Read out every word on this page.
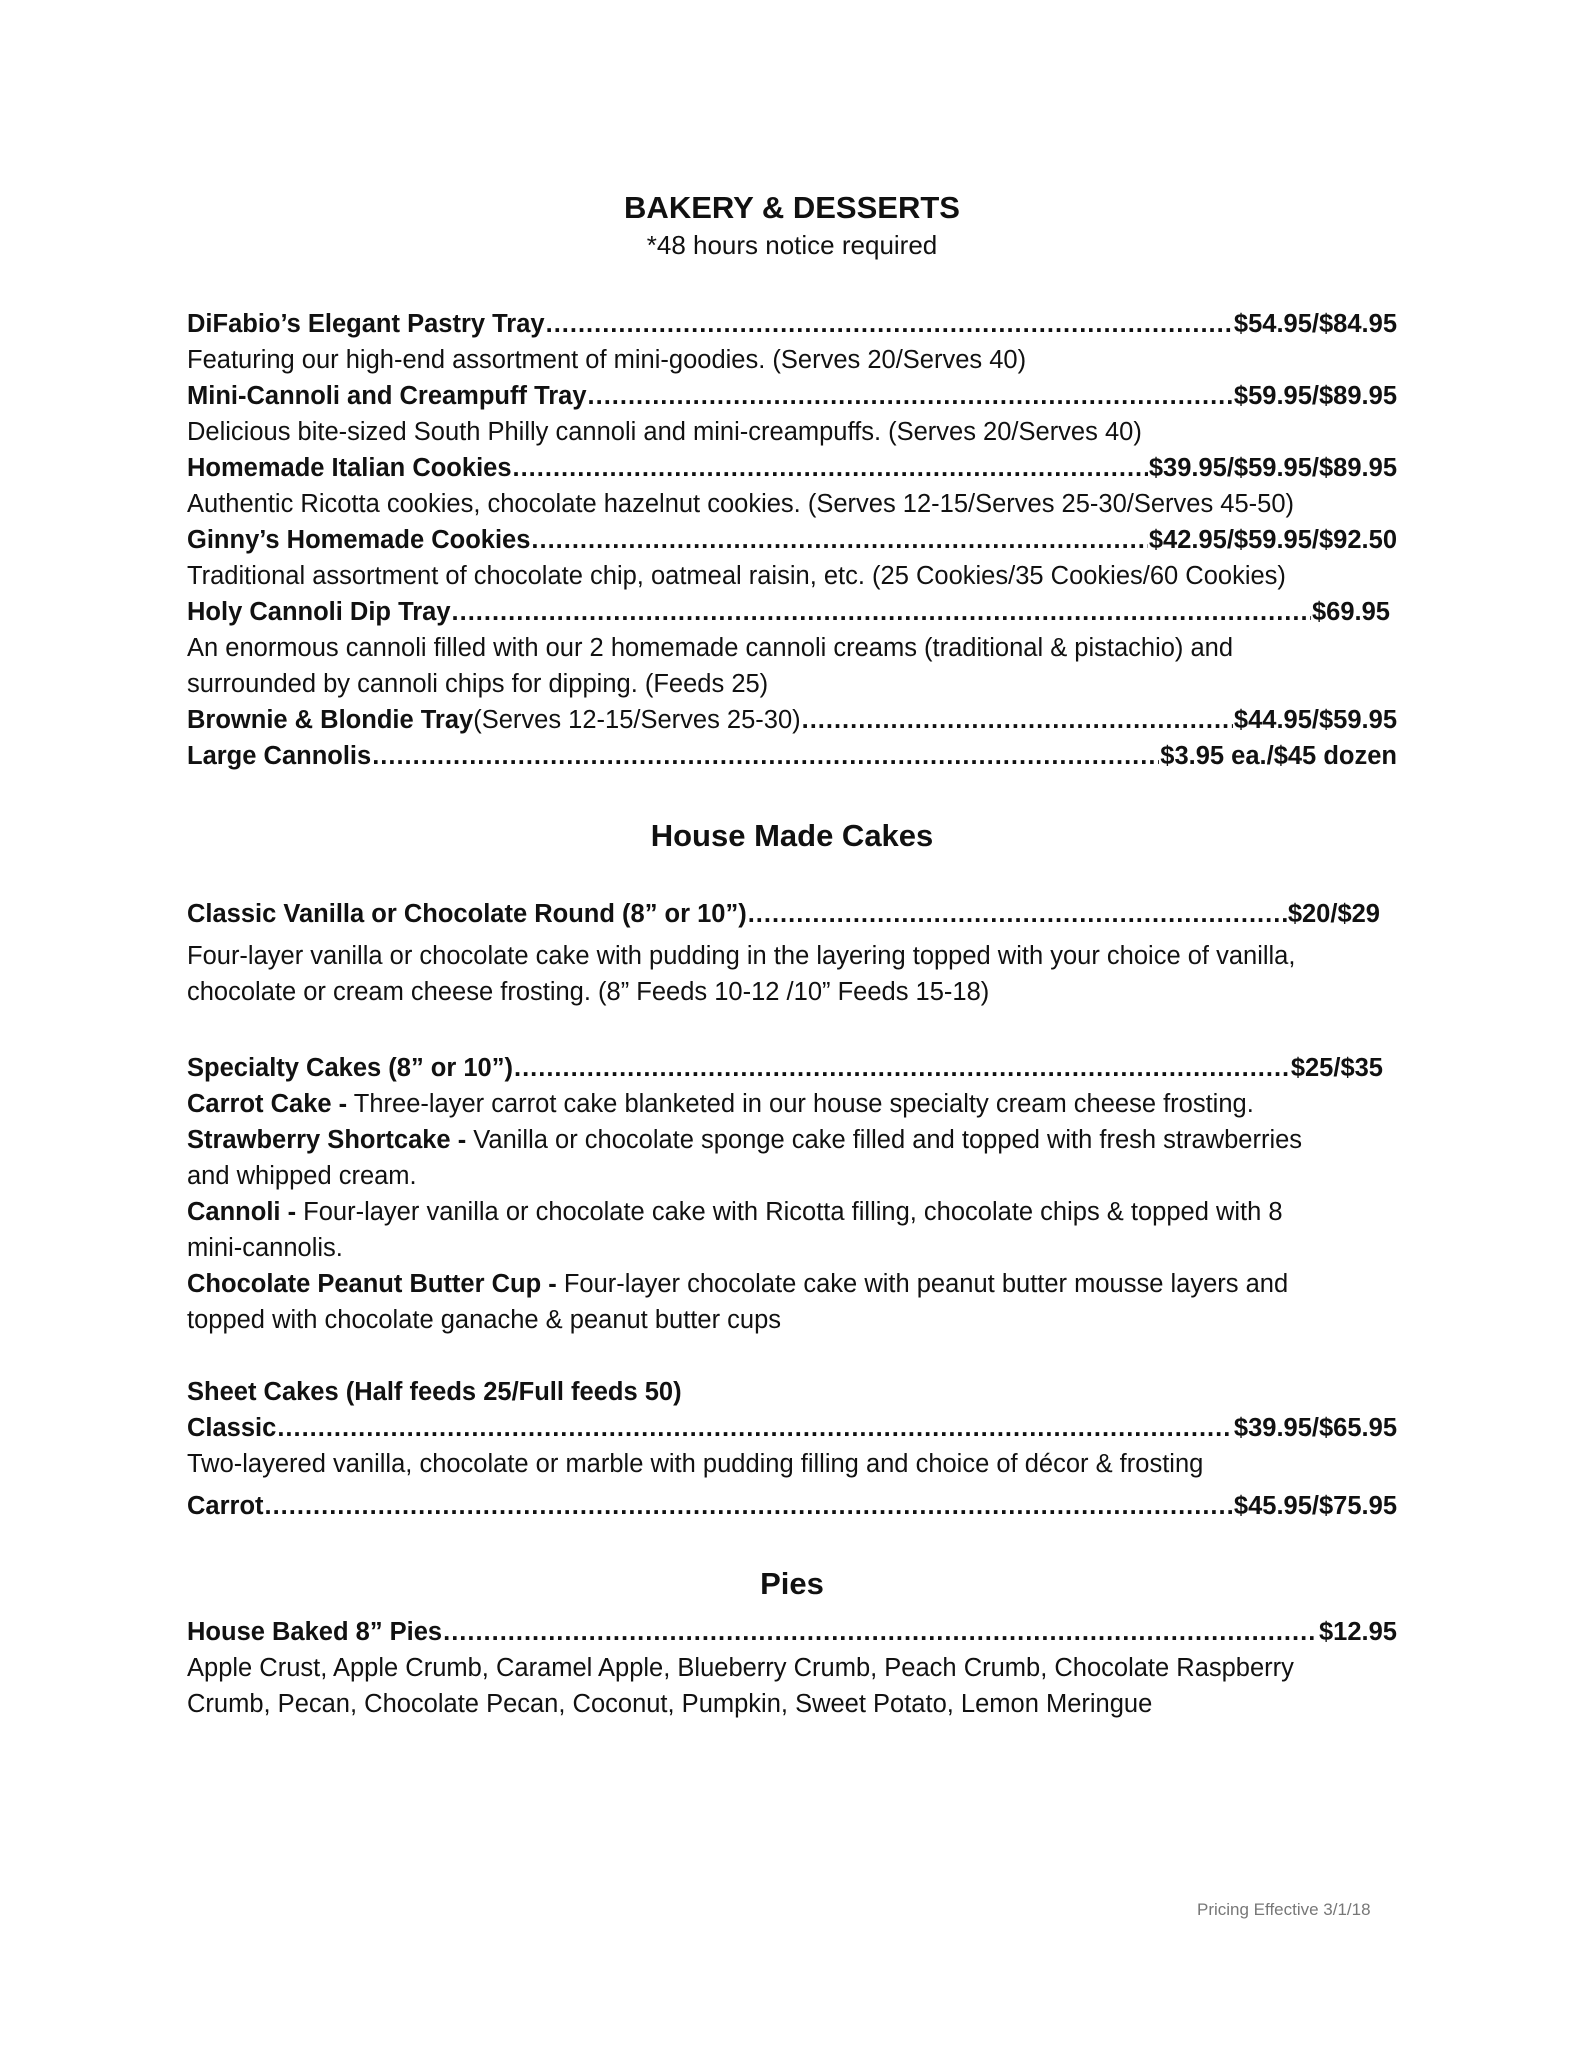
BAKERY & DESSERTS
*48 hours notice required
DiFabio’s Elegant Pastry Tray .....	$54.95/$84.95
Featuring our high-end assortment of mini-goodies. (Serves 20/Serves 40)
Mini-Cannoli and Creampuff Tray .....	$59.95/$89.95
Delicious bite-sized South Philly cannoli and mini-creampuffs. (Serves 20/Serves 40)
Homemade Italian Cookies .....	$39.95/$59.95/$89.95
Authentic Ricotta cookies, chocolate hazelnut cookies. (Serves 12-15/Serves 25-30/Serves 45-50)
Ginny’s Homemade Cookies .....	$42.95/$59.95/$92.50
Traditional assortment of chocolate chip, oatmeal raisin, etc. (25 Cookies/35 Cookies/60 Cookies)
Holy Cannoli Dip Tray .....	$69.95
An enormous cannoli filled with our 2 homemade cannoli creams (traditional & pistachio) and
surrounded by cannoli chips for dipping. (Feeds 25)
Brownie & Blondie Tray (Serves 12-15/Serves 25-30) .....	$44.95/$59.95
Large Cannolis .....	$3.95 ea./$45 dozen
House Made Cakes
Classic Vanilla or Chocolate Round (8” or 10”) .....	$20/$29
Four-layer vanilla or chocolate cake with pudding in the layering topped with your choice of vanilla,
chocolate or cream cheese frosting. (8” Feeds 10-12 /10” Feeds 15-18)
Specialty Cakes (8” or 10”) .....	$25/$35
Carrot Cake - Three-layer carrot cake blanketed in our house specialty cream cheese frosting.
Strawberry Shortcake - Vanilla or chocolate sponge cake filled and topped with fresh strawberries
and whipped cream.
Cannoli - Four-layer vanilla or chocolate cake with Ricotta filling, chocolate chips & topped with 8
mini-cannolis.
Chocolate Peanut Butter Cup - Four-layer chocolate cake with peanut butter mousse layers and
topped with chocolate ganache & peanut butter cups
Sheet Cakes (Half feeds 25/Full feeds 50)
Classic .....	$39.95/$65.95
Two-layered vanilla, chocolate or marble with pudding filling and choice of décor & frosting
Carrot .....	$45.95/$75.95
Pies
House Baked 8” Pies .....	$12.95
Apple Crust, Apple Crumb, Caramel Apple, Blueberry Crumb, Peach Crumb, Chocolate Raspberry
Crumb, Pecan, Chocolate Pecan, Coconut, Pumpkin, Sweet Potato, Lemon Meringue
Pricing Effective 3/1/18
